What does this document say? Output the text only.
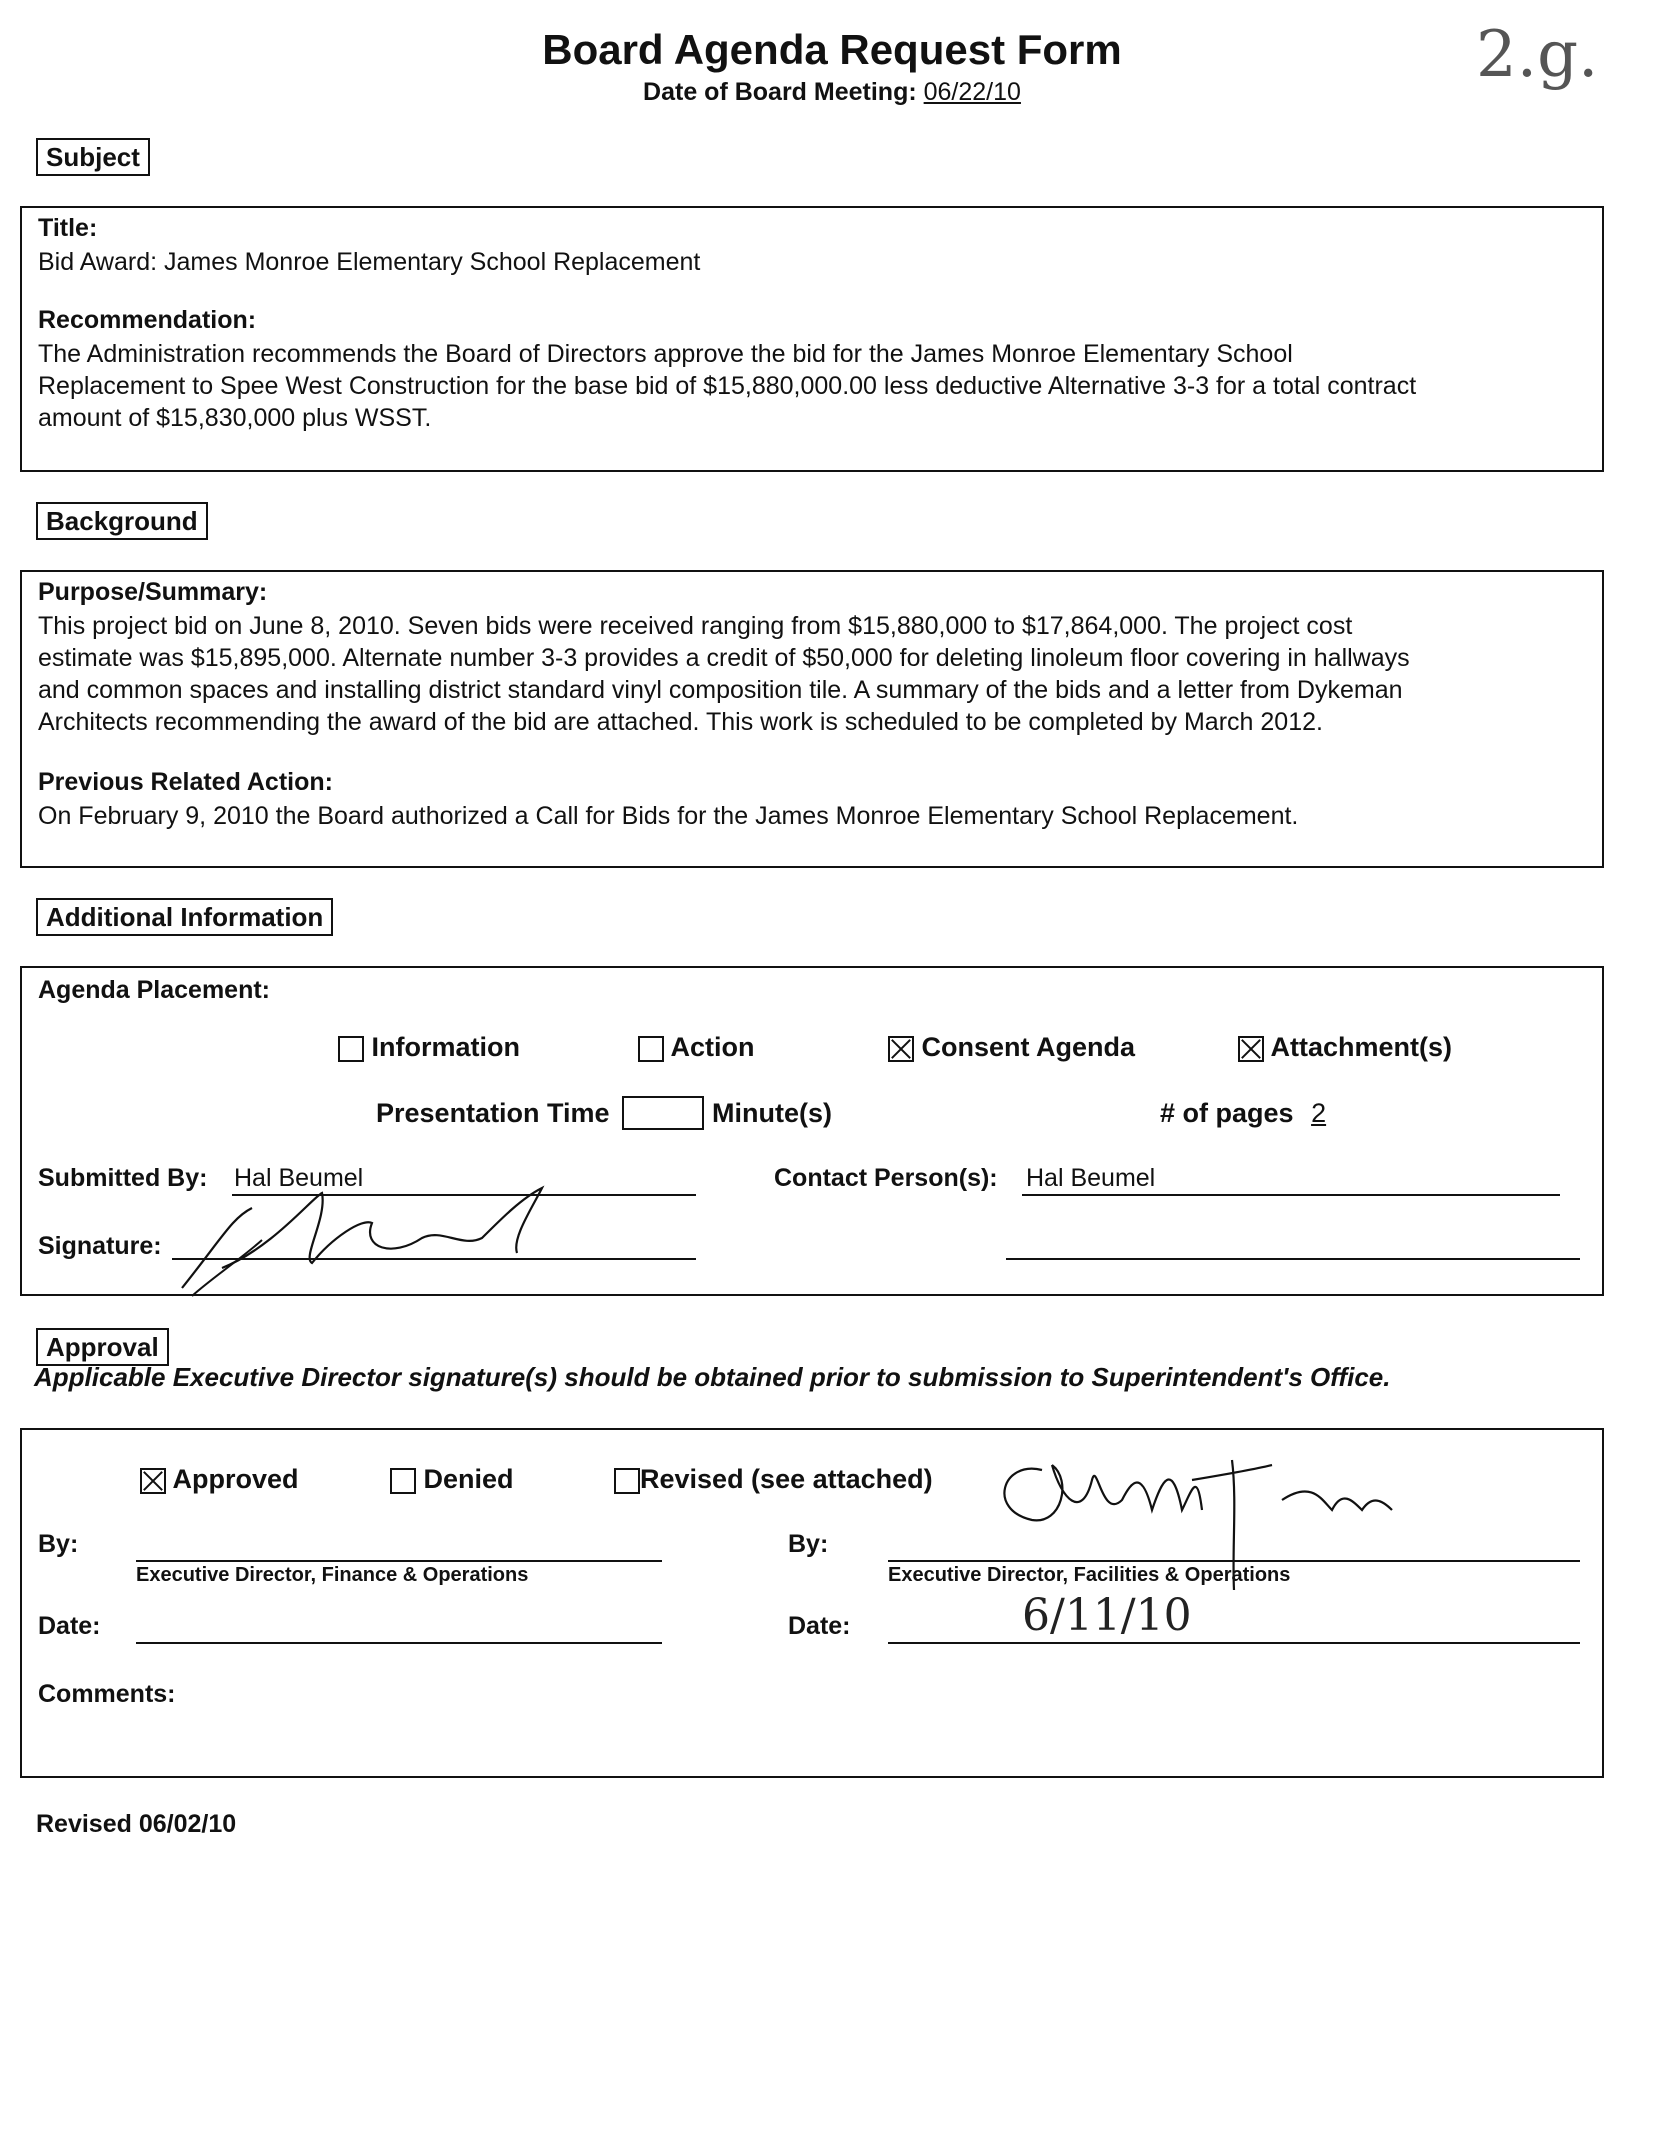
Board Agenda Request Form
Date of Board Meeting: 06/22/10	2.g.
Subject
Title:
Bid Award: James Monroe Elementary School Replacement
Recommendation:
The Administration recommends the Board of Directors approve the bid for the James Monroe Elementary School
Replacement to Spee West Construction for the base bid of $15,880,000.00 less deductive Alternative 3-3 for a total contract
amount of $15,830,000 plus WSST.
Background
Purpose/Summary:
This project bid on June 8, 2010. Seven bids were received ranging from $15,880,000 to $17,864,000. The project cost
estimate was $15,895,000. Alternate number 3-3 provides a credit of $50,000 for deleting linoleum floor covering in hallways
and common spaces and installing district standard vinyl composition tile. A summary of the bids and a letter from Dykeman
Architects recommending the award of the bid are attached. This work is scheduled to be completed by March 2012.
Previous Related Action:
On February 9, 2010 the Board authorized a Call for Bids for the James Monroe Elementary School Replacement.
Additional Information
Agenda Placement:
Information	Action	Consent Agenda	Attachment(s)
Presentation Time	Minute(s)	# of pages 2
Submitted By: Hal Beumel	Contact Person(s): Hal Beumel
Signature:
Approval
Applicable Executive Director signature(s) should be obtained prior to submission to Superintendent's Office.
Approved	Denied	Revised (see attached)
By:
Executive Director, Finance & Operations
By:
Executive Director, Facilities & Operations
Date:	Date:	6/11/10
Comments:
Revised 06/02/10
